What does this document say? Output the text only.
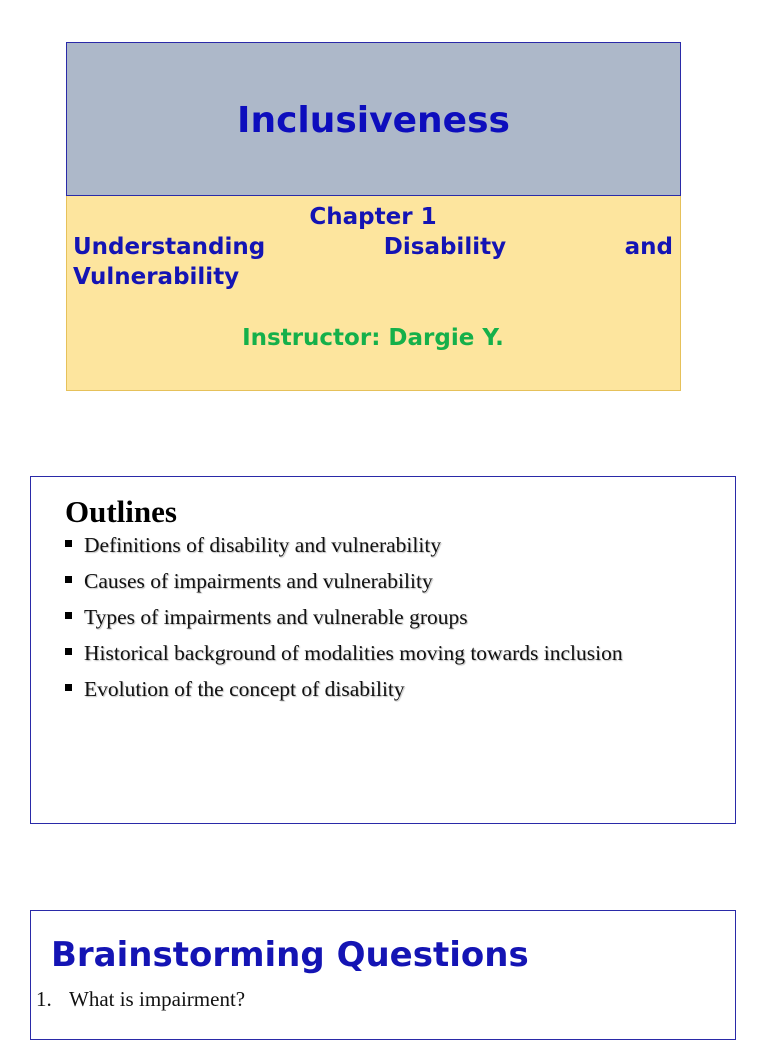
Inclusiveness
Chapter 1
Understanding	Disability	and
Vulnerability
Instructor: Dargie Y.
Outlines
Definitions of disability and vulnerability
Causes of impairments and vulnerability
Types of impairments and vulnerable groups
Historical background of modalities moving towards inclusion
Evolution of the concept of disability
Brainstorming Questions
1. What is impairment?
